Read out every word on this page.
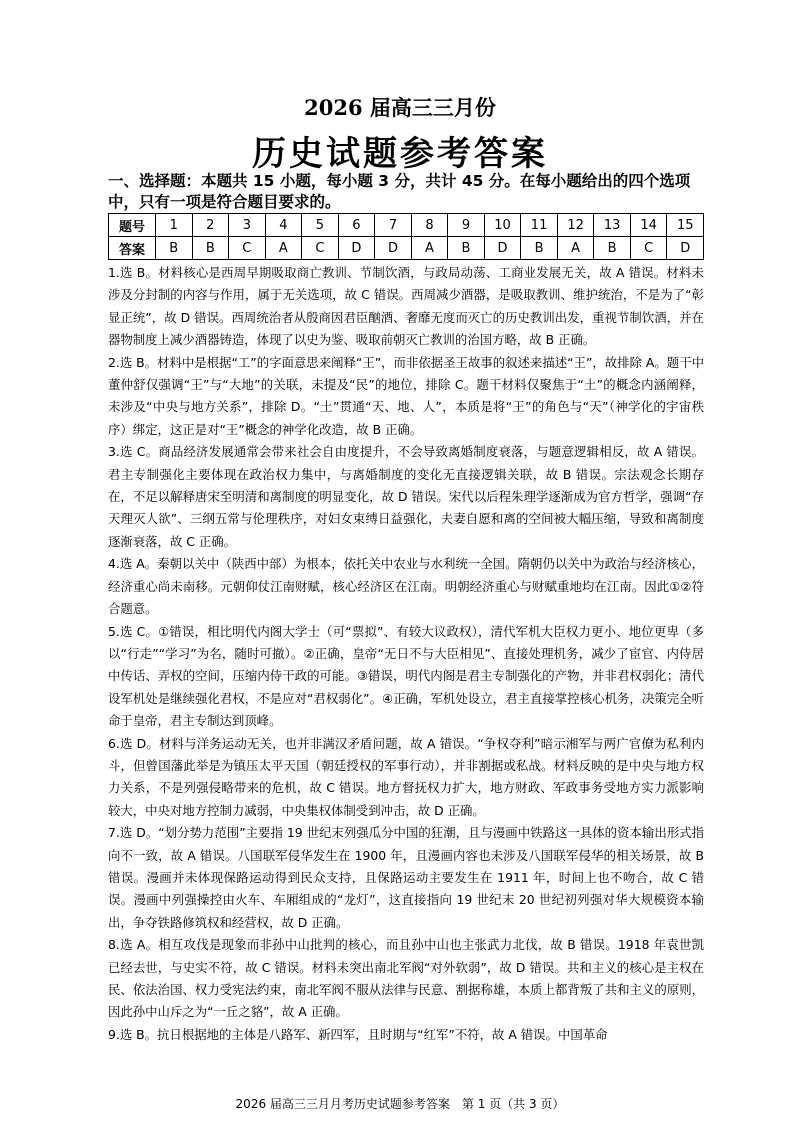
2026 届高三三月份
历史试题参考答案

一、选择题：本题共 15 小题，每小题 3 分，共计 45 分。在每小题给出的四个选项中，只有一项是符合题目要求的。

题号	1	2	3	4	5	6	7	8	9	10	11	12	13	14	15
答案	B	B	C	A	C	D	D	A	B	D	B	A	B	C	D

1.选 B。材料核心是西周早期吸取商亡教训、节制饮酒，与政局动荡、工商业发展无关，故 A 错误。材料未涉及分封制的内容与作用，属于无关选项，故 C 错误。西周减少酒器，是吸取教训、维护统治，不是为了“彰显正统”，故 D 错误。西周统治者从殷商因君臣酗酒、奢靡无度而灭亡的历史教训出发，重视节制饮酒，并在器物制度上减少酒器铸造，体现了以史为鉴、吸取前朝灭亡教训的治国方略，故 B 正确。

2.选 B。材料中是根据“工”的字面意思来阐释“王”，而非依据圣王故事的叙述来描述“王”，故排除 A。题干中董仲舒仅强调“王”与“大地”的关联，未提及“民”的地位，排除 C。题干材料仅聚焦于“土”的概念内涵阐释，未涉及“中央与地方关系”，排除 D。“土”贯通“天、地、人”，本质是将“王”的角色与“天”（神学化的宇宙秩序）绑定，这正是对“王”概念的神学化改造，故 B 正确。

3.选 C。商品经济发展通常会带来社会自由度提升，不会导致离婚制度衰落，与题意逻辑相反，故 A 错误。君主专制强化主要体现在政治权力集中，与离婚制度的变化无直接逻辑关联，故 B 错误。宗法观念长期存在，不足以解释唐宋至明清和离制度的明显变化，故 D 错误。宋代以后程朱理学逐渐成为官方哲学，强调“存天理灭人欲”、三纲五常与伦理秩序，对妇女束缚日益强化，夫妻自愿和离的空间被大幅压缩，导致和离制度逐渐衰落，故 C 正确。

4.选 A。秦朝以关中（陕西中部）为根本，依托关中农业与水利统一全国。隋朝仍以关中为政治与经济核心，经济重心尚未南移。元朝仰仗江南财赋，核心经济区在江南。明朝经济重心与财赋重地均在江南。因此①②符合题意。

5.选 C。①错误，相比明代内阁大学士（可“票拟”、有较大议政权），清代军机大臣权力更小、地位更卑（多以“行走”“学习”为名，随时可撤）。②正确，皇帝“无日不与大臣相见”、直接处理机务，减少了宦官、内侍居中传话、弄权的空间，压缩内侍干政的可能。③错误，明代内阁是君主专制强化的产物，并非君权弱化；清代设军机处是继续强化君权，不是应对“君权弱化”。④正确，军机处设立，君主直接掌控核心机务，决策完全听命于皇帝，君主专制达到顶峰。

6.选 D。材料与洋务运动无关，也并非满汉矛盾问题，故 A 错误。“争权夺利”暗示湘军与两广官僚为私利内斗，但曾国藩此举是为镇压太平天国（朝廷授权的军事行动），并非割据或私战。材料反映的是中央与地方权力关系，不是列强侵略带来的危机，故 C 错误。地方督抚权力扩大，地方财政、军政事务受地方实力派影响较大，中央对地方控制力减弱，中央集权体制受到冲击，故 D 正确。

7.选 D。“划分势力范围”主要指 19 世纪末列强瓜分中国的狂潮，且与漫画中铁路这一具体的资本输出形式指向不一致，故 A 错误。八国联军侵华发生在 1900 年，且漫画内容也未涉及八国联军侵华的相关场景，故 B 错误。漫画并未体现保路运动得到民众支持，且保路运动主要发生在 1911 年，时间上也不吻合，故 C 错误。漫画中列强操控由火车、车厢组成的“龙灯”，这直接指向 19 世纪末 20 世纪初列强对华大规模资本输出，争夺铁路修筑权和经营权，故 D 正确。

8.选 A。相互攻伐是现象而非孙中山批判的核心，而且孙中山也主张武力北伐，故 B 错误。1918 年袁世凯已经去世，与史实不符，故 C 错误。材料未突出南北军阀“对外软弱”，故 D 错误。共和主义的核心是主权在民、依法治国、权力受宪法约束，南北军阀不服从法律与民意、割据称雄，本质上都背叛了共和主义的原则，因此孙中山斥之为“一丘之貉”，故 A 正确。

9.选 B。抗日根据地的主体是八路军、新四军，且时期与“红军”不符，故 A 错误。中国革命

2026 届高三三月月考历史试题参考答案　第 1 页（共 3 页）
